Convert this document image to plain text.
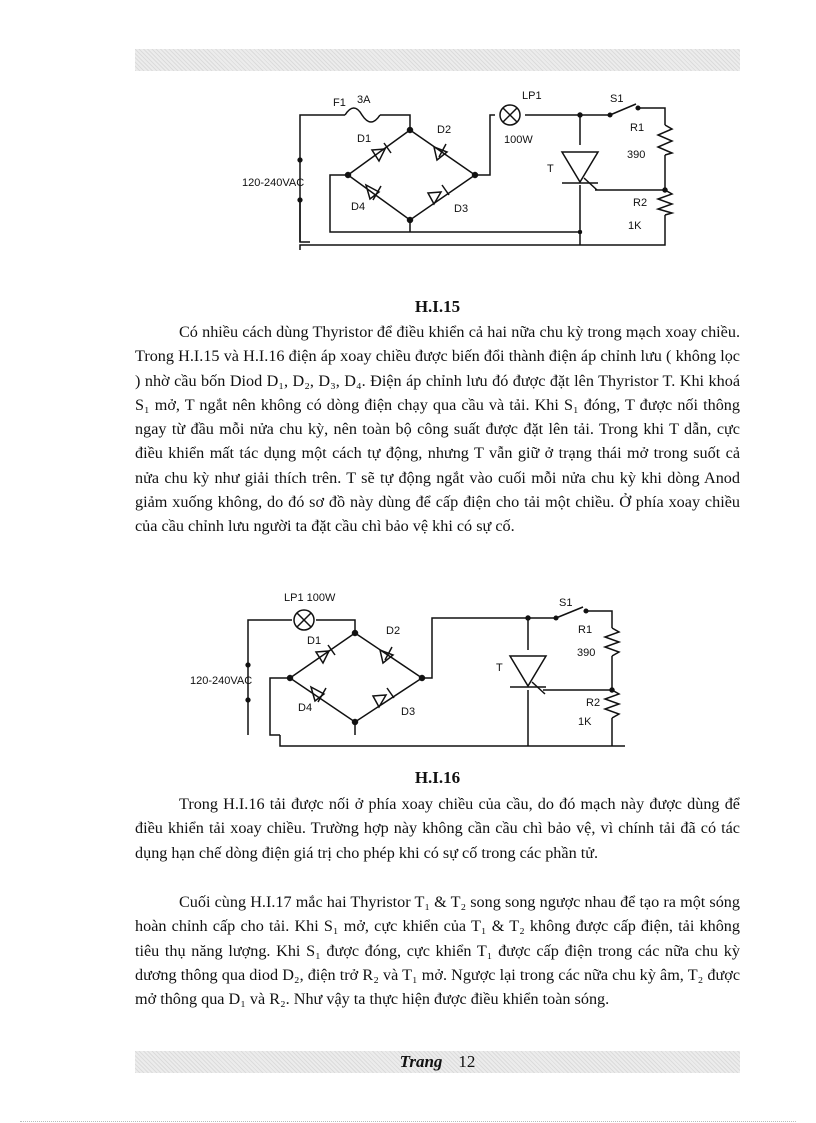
F1 3A	LP1
100W
S1
R1
390
R2
1K
T
120-240VAC
D1
D2
D4	D3
H.I.15

Có nhiều cách dùng Thyristor để điều khiển cả hai nữa chu kỳ trong mạch xoay chiều. Trong H.I.15 và H.I.16 điện áp xoay chiều được biến đổi thành điện áp chỉnh lưu ( không lọc ) nhờ cầu bốn Diod D₁, D₂, D₃, D₄. Điện áp chỉnh lưu đó được đặt lên Thyristor T. Khi khoá S₁ mở, T ngắt nên không có dòng điện chạy qua cầu và tải. Khi S₁ đóng, T được nối thông ngay từ đầu mỗi nửa chu kỳ, nên toàn bộ công suất được đặt lên tải. Trong khi T dẫn, cực điều khiển mất tác dụng một cách tự động, nhưng T vẫn giữ ở trạng thái mở trong suốt cả nửa chu kỳ như giải thích trên. T sẽ tự động ngắt vào cuối mỗi nửa chu kỳ khi dòng Anod giảm xuống không, do đó sơ đồ này dùng để cấp điện cho tải một chiều. Ở phía xoay chiều của cầu chỉnh lưu người ta đặt cầu chì bảo vệ khi có sự cố.

LP1 100W	S1
R1
390
R2
1K
T
120-240VAC
D1
D2
D4	D3
H.I.16

Trong H.I.16 tải được nối ở phía xoay chiều của cầu, do đó mạch này được dùng để điều khiển tải xoay chiều. Trường hợp này không cần cầu chì bảo vệ, vì chính tải đã có tác dụng hạn chế dòng điện giá trị cho phép khi có sự cố trong các phần tử.

Cuối cùng H.I.17 mắc hai Thyristor T₁ & T₂ song song ngược nhau để tạo ra một sóng hoàn chỉnh cấp cho tải. Khi S₁ mở, cực khiển của T₁ & T₂ không được cấp điện, tải không tiêu thụ năng lượng. Khi S₁ được đóng, cực khiển T₁ được cấp điện trong các nữa chu kỳ dương thông qua diod D₂, điện trở R₂ và T₁ mở. Ngược lại trong các nữa chu kỳ âm, T₂ được mở thông qua D₁ và R₂. Như vậy ta thực hiện được điều khiển toàn sóng.

Trang 12
